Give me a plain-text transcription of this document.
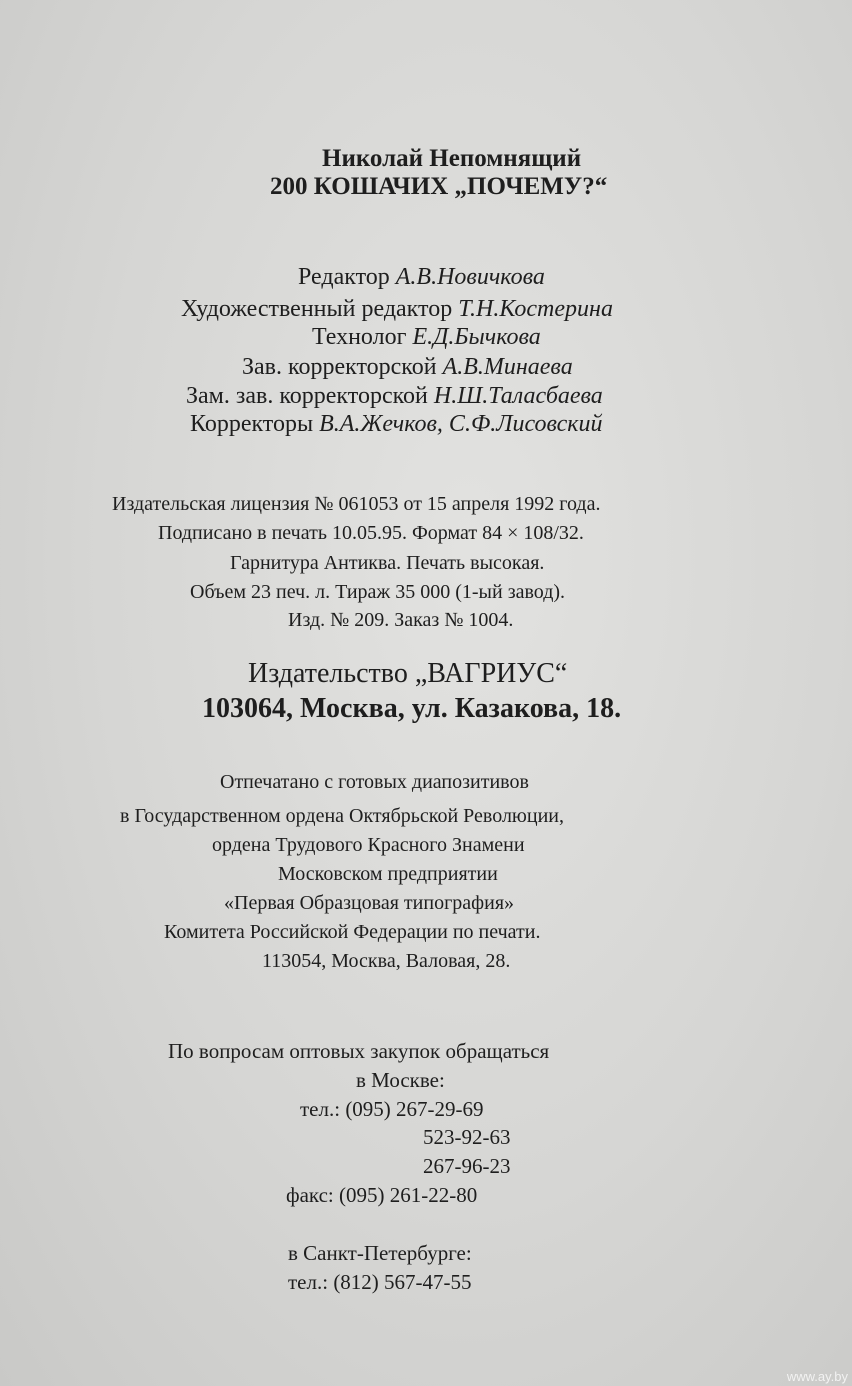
Николай Непомнящий
200 КОШАЧИХ „ПОЧЕМУ?“
Редактор А.В.Новичкова
Художественный редактор Т.Н.Костерина
Технолог Е.Д.Бычкова
Зав. корректорской А.В.Минаева
Зам. зав. корректорской Н.Ш.Таласбаева
Корректоры В.А.Жечков, С.Ф.Лисовский
Издательская лицензия № 061053 от 15 апреля 1992 года.
Подписано в печать 10.05.95. Формат 84 × 108/32.
Гарнитура Антиква. Печать высокая.
Объем 23 печ. л. Тираж 35 000 (1-ый завод).
Изд. № 209. Заказ № 1004.
Издательство „ВАГРИУС“
103064, Москва, ул. Казакова, 18.
Отпечатано с готовых диапозитивов
в Государственном ордена Октябрьской Революции,
ордена Трудового Красного Знамени
Московском предприятии
«Первая Образцовая типография»
Комитета Российской Федерации по печати.
113054, Москва, Валовая, 28.
По вопросам оптовых закупок обращаться
в Москве:
тел.: (095) 267-29-69
523-92-63
267-96-23
факс: (095) 261-22-80
в Санкт-Петербурге:
тел.: (812) 567-47-55
www.ay.by
